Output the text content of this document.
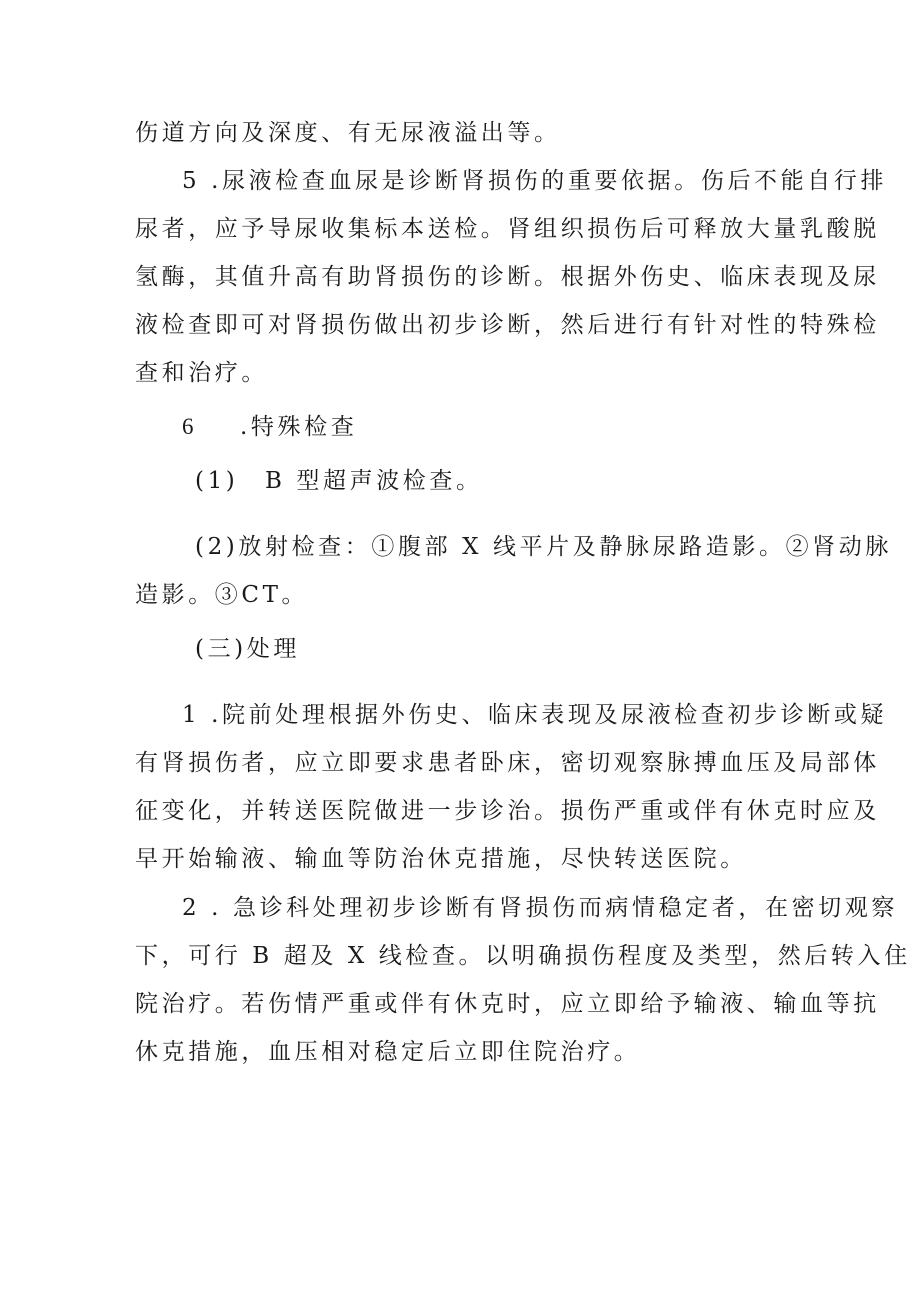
伤道方向及深度、有无尿液溢出等。
5 .尿液检查血尿是诊断肾损伤的重要依据。伤后不能自行排
尿者，应予导尿收集标本送检。肾组织损伤后可释放大量乳酸脱
氢酶，其值升高有助肾损伤的诊断。根据外伤史、临床表现及尿
液检查即可对肾损伤做出初步诊断，然后进行有针对性的特殊检
查和治疗。
6 .特殊检查
(1)　B 型超声波检查。
(2)放射检查：①腹部 X 线平片及静脉尿路造影。②肾动脉
造影。③CT。
(三)处理
1 .院前处理根据外伤史、临床表现及尿液检查初步诊断或疑
有肾损伤者，应立即要求患者卧床，密切观察脉搏血压及局部体
征变化，并转送医院做进一步诊治。损伤严重或伴有休克时应及
早开始输液、输血等防治休克措施，尽快转送医院。
2 . 急诊科处理初步诊断有肾损伤而病情稳定者，在密切观察
下，可行 B 超及 X 线检查。以明确损伤程度及类型，然后转入住
院治疗。若伤情严重或伴有休克时，应立即给予输液、输血等抗
休克措施，血压相对稳定后立即住院治疗。
